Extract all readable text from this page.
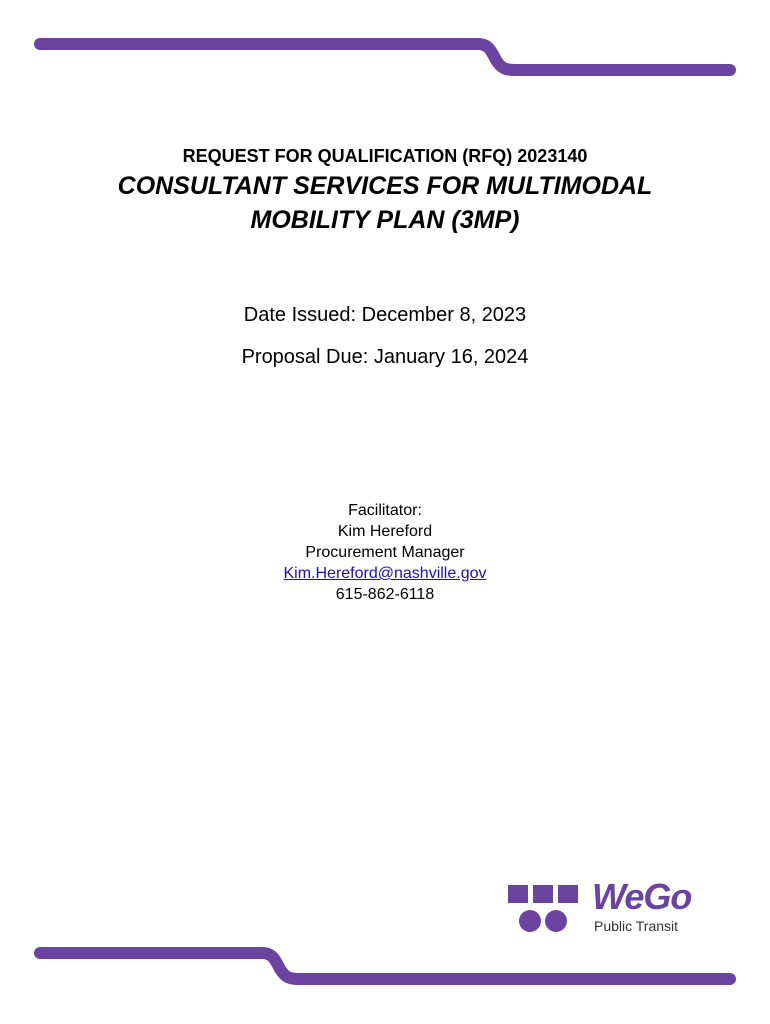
REQUEST FOR QUALIFICATION (RFQ) 2023140
CONSULTANT SERVICES FOR MULTIMODAL
MOBILITY PLAN (3MP)
Date Issued: December 8, 2023
Proposal Due: January 16, 2024
Facilitator:
Kim Hereford
Procurement Manager
Kim.Hereford@nashville.gov
615-862-6118
WeGo
Public Transit
